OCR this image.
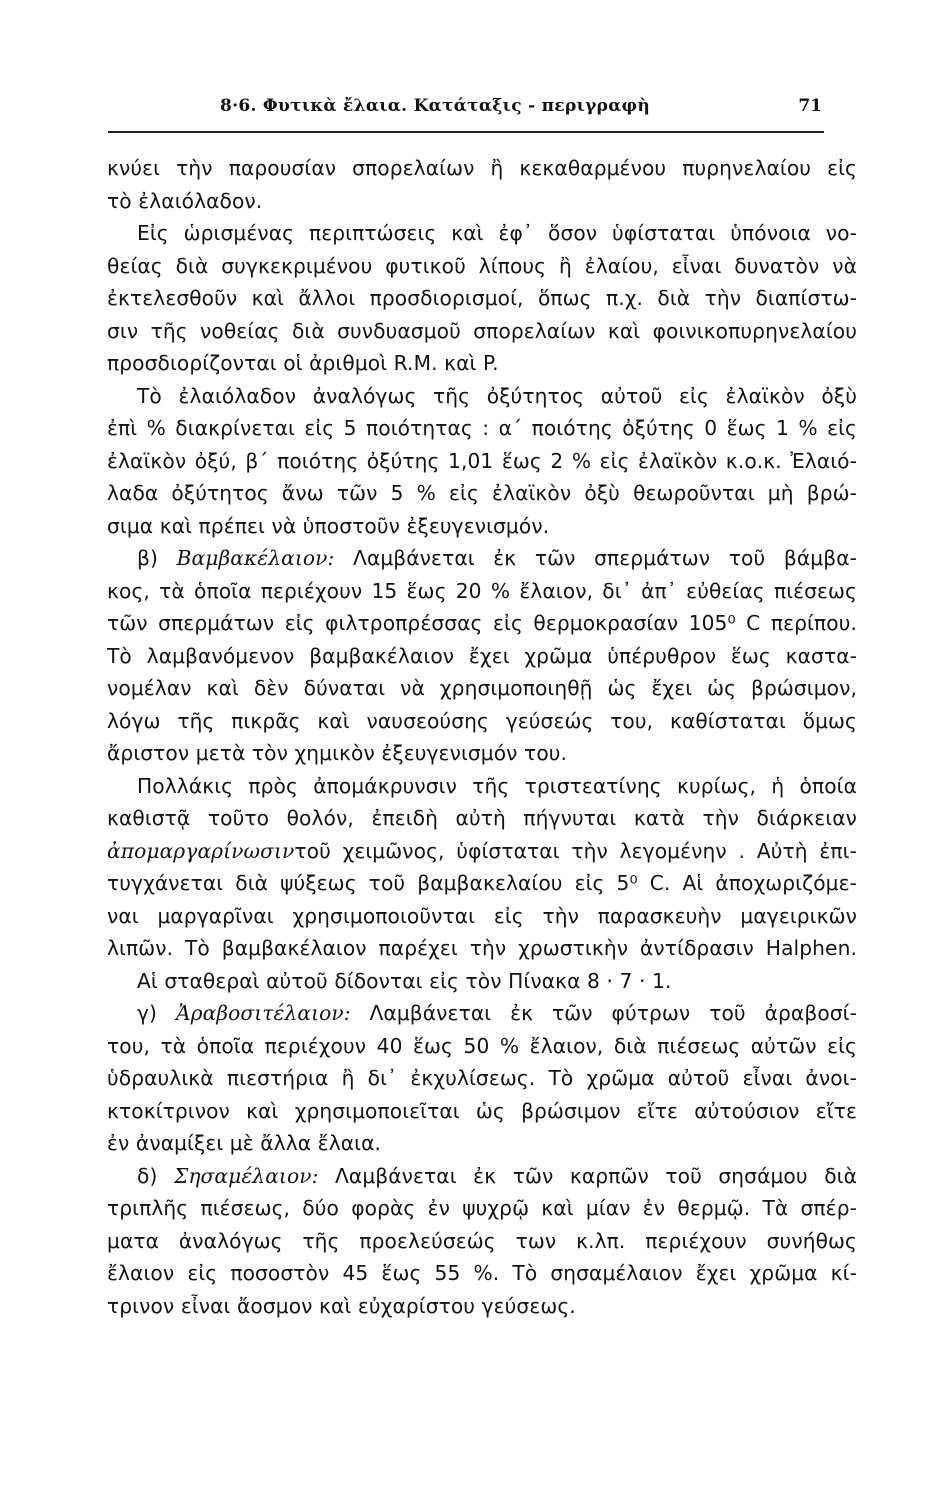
8·6. Φυτικὰ ἔλαια. Κατάταξις - περιγραφὴ	71
κνύει τὴν παρουσίαν σπορελαίων ἢ κεκαθαρμένου πυρηνελαίου εἰς
τὸ ἐλαιόλαδον.
Εἰς ὡρισμένας περιπτώσεις καὶ ἐφ᾽ ὅσον ὑφίσταται ὑπόνοια νο-
θείας διὰ συγκεκριμένου φυτικοῦ λίπους ἢ ἐλαίου, εἶναι δυνατὸν νὰ
ἐκτελεσθοῦν καὶ ἄλλοι προσδιορισμοί, ὅπως π.χ. διὰ τὴν διαπίστω-
σιν τῆς νοθείας διὰ συνδυασμοῦ σπορελαίων καὶ φοινικοπυρηνελαίου
προσδιορίζονται οἱ ἀριθμοὶ R.M. καὶ P.
Τὸ ἐλαιόλαδον ἀναλόγως τῆς ὀξύτητος αὐτοῦ εἰς ἐλαϊκὸν ὀξὺ
ἐπὶ % διακρίνεται εἰς 5 ποιότητας : α΄ ποιότης ὀξύτης 0 ἕως 1 % εἰς
ἐλαϊκὸν ὀξύ, β΄ ποιότης ὀξύτης 1,01 ἕως 2 % εἰς ἐλαϊκὸν κ.ο.κ. Ἐλαιό-
λαδα ὀξύτητος ἄνω τῶν 5 % εἰς ἐλαϊκὸν ὀξὺ θεωροῦνται μὴ βρώ-
σιμα καὶ πρέπει νὰ ὑποστοῦν ἐξευγενισμόν.
β) Βαμβακέλαιον: Λαμβάνεται ἐκ τῶν σπερμάτων τοῦ βάμβα-
κος, τὰ ὁποῖα περιέχουν 15 ἕως 20 % ἔλαιον, δι᾽ ἀπ᾽ εὐθείας πιέσεως
τῶν σπερμάτων εἰς φιλτροπρέσσας εἰς θερμοκρασίαν 105⁰ C περίπου.
Τὸ λαμβανόμενον βαμβακέλαιον ἔχει χρῶμα ὑπέρυθρον ἕως καστα-
νομέλαν καὶ δὲν δύναται νὰ χρησιμοποιηθῇ ὡς ἔχει ὡς βρώσιμον,
λόγω τῆς πικρᾶς καὶ ναυσεούσης γεύσεώς του, καθίσταται ὅμως
ἄριστον μετὰ τὸν χημικὸν ἐξευγενισμόν του.
Πολλάκις πρὸς ἀπομάκρυνσιν τῆς τριστεατίνης κυρίως, ἡ ὁποία
καθιστᾷ τοῦτο θολόν, ἐπειδὴ αὐτὴ πήγνυται κατὰ τὴν διάρκειαν
ἀπομαργαρίνωσιντοῦ χειμῶνος, ὑφίσταται τὴν λεγομένην . Αὐτὴ ἐπι-
τυγχάνεται διὰ ψύξεως τοῦ βαμβακελαίου εἰς 5⁰ C. Αἱ ἀποχωριζόμε-
ναι μαργαρῖναι χρησιμοποιοῦνται εἰς τὴν παρασκευὴν μαγειρικῶν
λιπῶν. Τὸ βαμβακέλαιον παρέχει τὴν χρωστικὴν ἀντίδρασιν Halphen.
Αἱ σταθεραὶ αὐτοῦ δίδονται εἰς τὸν Πίνακα 8 · 7 · 1.
γ) Ἀραβοσιτέλαιον: Λαμβάνεται ἐκ τῶν φύτρων τοῦ ἀραβοσί-
του, τὰ ὁποῖα περιέχουν 40 ἕως 50 % ἔλαιον, διὰ πιέσεως αὐτῶν εἰς
ὑδραυλικὰ πιεστήρια ἢ δι᾽ ἐκχυλίσεως. Τὸ χρῶμα αὐτοῦ εἶναι ἀνοι-
κτοκίτρινον καὶ χρησιμοποιεῖται ὡς βρώσιμον εἴτε αὐτούσιον εἴτε
ἐν ἀναμίξει μὲ ἄλλα ἔλαια.
δ) Σησαμέλαιον: Λαμβάνεται ἐκ τῶν καρπῶν τοῦ σησάμου διὰ
τριπλῆς πιέσεως, δύο φορὰς ἐν ψυχρῷ καὶ μίαν ἐν θερμῷ. Τὰ σπέρ-
ματα ἀναλόγως τῆς προελεύσεώς των κ.λπ. περιέχουν συνήθως
ἔλαιον εἰς ποσοστὸν 45 ἕως 55 %. Τὸ σησαμέλαιον ἔχει χρῶμα κί-
τρινον εἶναι ἄοσμον καὶ εὐχαρίστου γεύσεως.
